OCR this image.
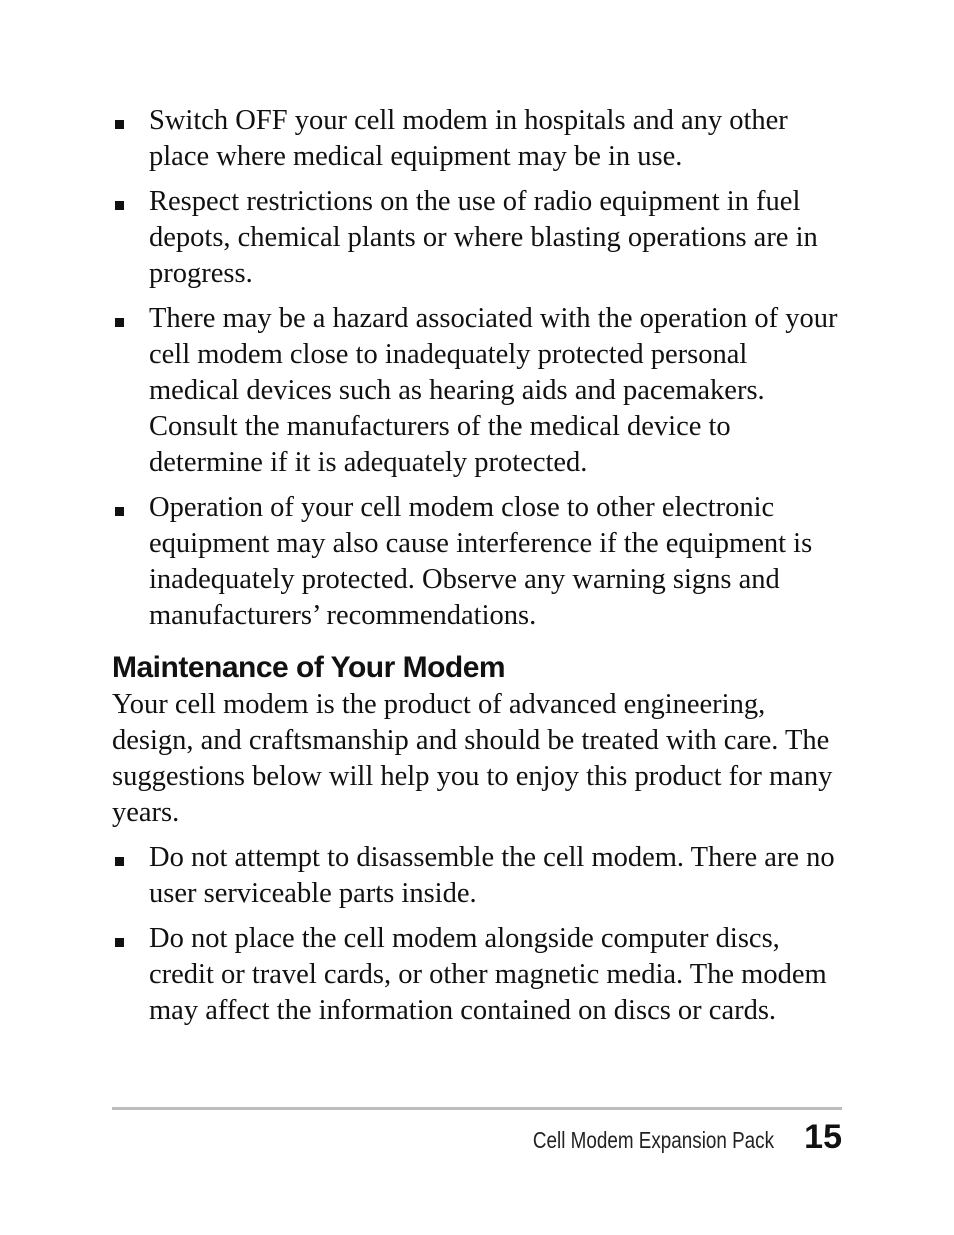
Switch OFF your cell modem in hospitals and any other place where medical equipment may be in use.
Respect restrictions on the use of radio equipment in fuel depots, chemical plants or where blasting operations are in progress.
There may be a hazard associated with the operation of your cell modem close to inadequately protected personal medical devices such as hearing aids and pacemakers. Consult the manufacturers of the medical device to determine if it is adequately protected.
Operation of your cell modem close to other electronic equipment may also cause interference if the equipment is inadequately protected. Observe any warning signs and manufacturers’ recommendations.
Maintenance of Your Modem

Your cell modem is the product of advanced engineering, design, and craftsmanship and should be treated with care. The suggestions below will help you to enjoy this product for many years.

Do not attempt to disassemble the cell modem. There are no user serviceable parts inside.
Do not place the cell modem alongside computer discs, credit or travel cards, or other magnetic media. The modem may affect the information contained on discs or cards.
Cell Modem Expansion Pack 15
